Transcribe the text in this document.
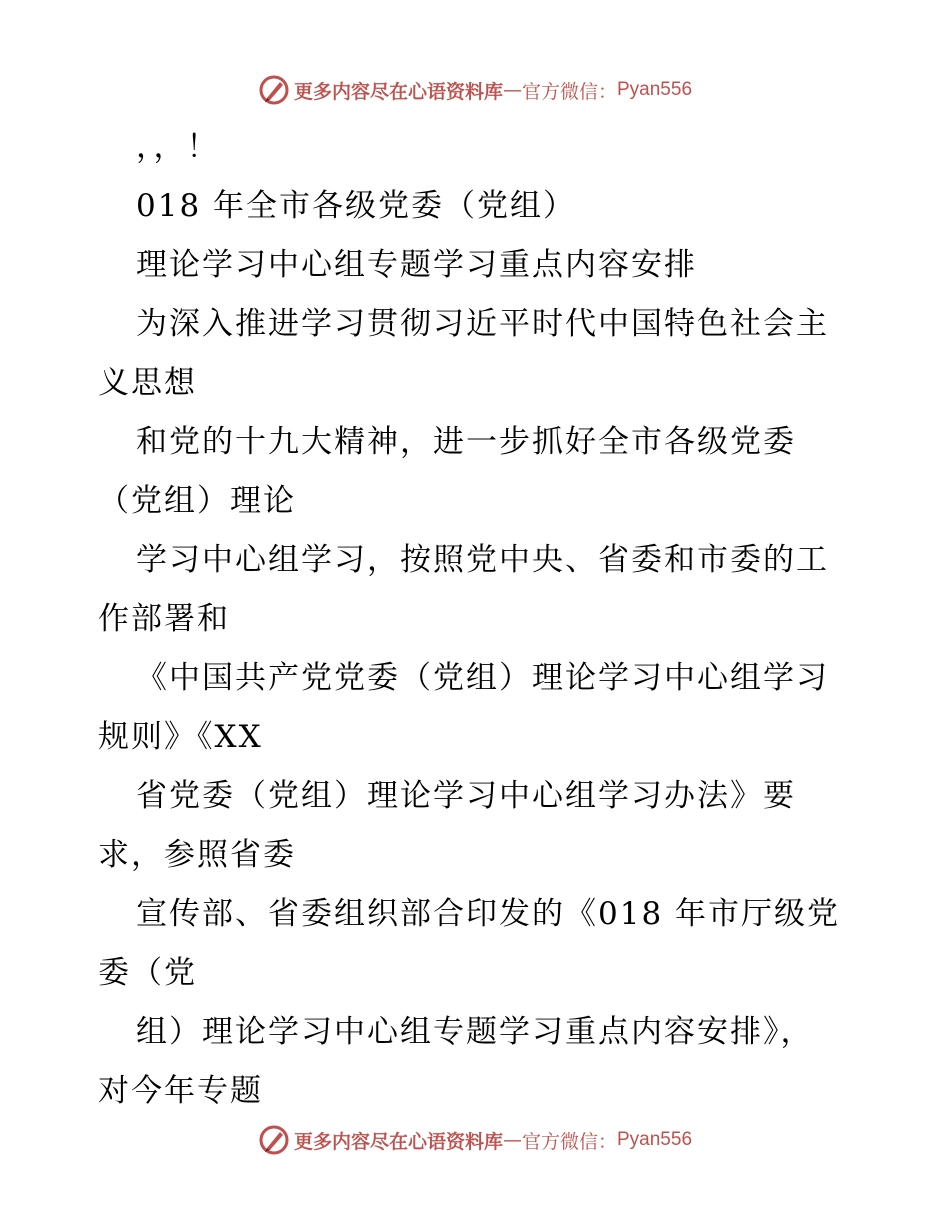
更多内容尽在心语资料库 — 官方微信： Pyan556
，，！
018 年全市各级党委（党组）
理论学习中心组专题学习重点内容安排
为深入推进学习贯彻习近平时代中国特色社会主
义思想
和党的十九大精神，进一步抓好全市各级党委
（党组）理论
学习中心组学习，按照党中央、省委和市委的工
作部署和
《中国共产党党委（党组）理论学习中心组学习
规则》《XX
省党委（党组）理论学习中心组学习办法》要
求，参照省委
宣传部、省委组织部合印发的《018 年市厅级党
委（党
组）理论学习中心组专题学习重点内容安排》，
对今年专题
更多内容尽在心语资料库 — 官方微信： Pyan556
